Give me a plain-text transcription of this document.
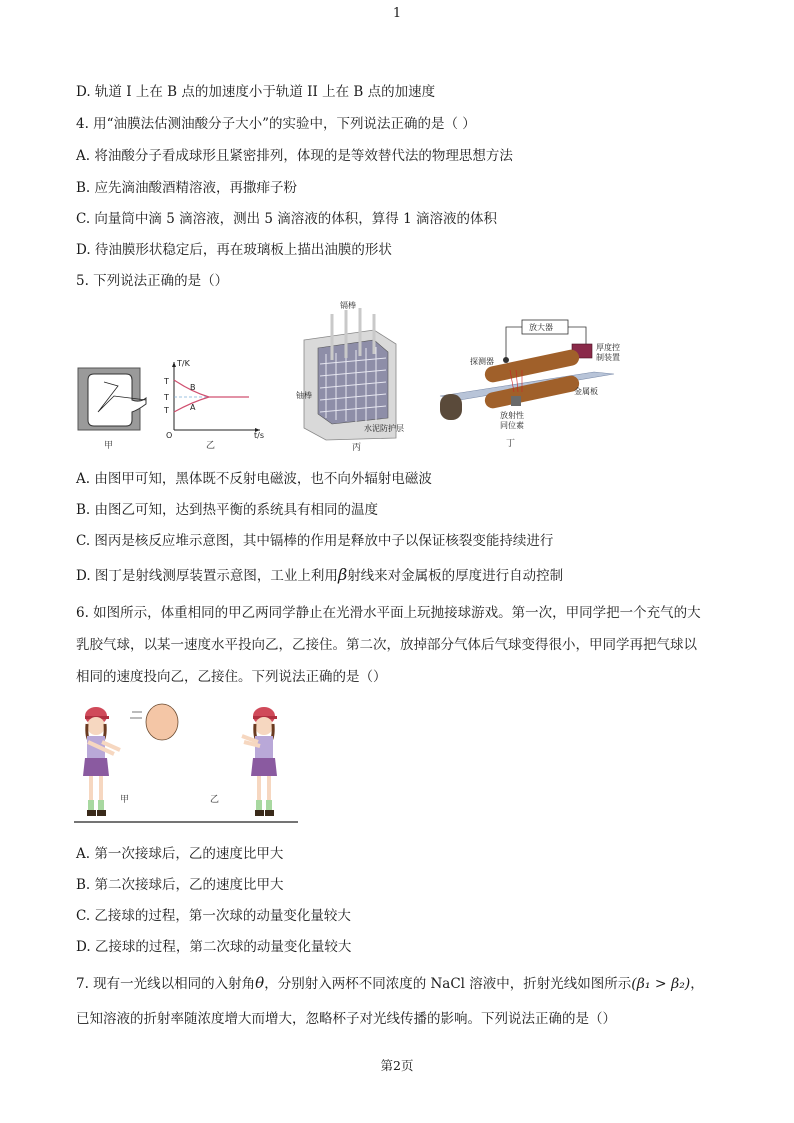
1
D. 轨道 I 上在 B 点的加速度小于轨道 II 上在 B 点的加速度
4. 用“油膜法估测油酸分子大小”的实验中，下列说法正确的是（ ）
A. 将油酸分子看成球形且紧密排列，体现的是等效替代法的物理思想方法
B. 应先滴油酸酒精溶液，再撒痱子粉
C. 向量筒中滴 5 滴溶液，测出 5 滴溶液的体积，算得 1 滴溶液的体积
D. 待油膜形状稳定后，再在玻璃板上描出油膜的形状
5. 下列说法正确的是（）
甲
T/K
T
T
T
O	t/s
B
A
乙
镉棒
铀棒
水泥防护层
丙
放大器
厚度控
制装置
探测器
金属板
放射性
同位素
丁
A. 由图甲可知，黑体既不反射电磁波，也不向外辐射电磁波
B. 由图乙可知，达到热平衡的系统具有相同的温度
C. 图丙是核反应堆示意图，其中镉棒的作用是释放中子以保证核裂变能持续进行
D. 图丁是射线测厚装置示意图，工业上利用β射线来对金属板的厚度进行自动控制
6. 如图所示，体重相同的甲乙两同学静止在光滑水平面上玩抛接球游戏。第一次，甲同学把一个充气的大
乳胶气球，以某一速度水平投向乙，乙接住。第二次，放掉部分气体后气球变得很小，甲同学再把气球以
相同的速度投向乙，乙接住。下列说法正确的是（）
甲	乙
A. 第一次接球后，乙的速度比甲大
B. 第二次接球后，乙的速度比甲大
C. 乙接球的过程，第一次球的动量变化量较大
D. 乙接球的过程，第二次球的动量变化量较大
7. 现有一光线以相同的入射角θ，分别射入两杯不同浓度的 NaCl 溶液中，折射光线如图所示(β₁ > β₂)，
已知溶液的折射率随浓度增大而增大，忽略杯子对光线传播的影响。下列说法正确的是（）
第2页
